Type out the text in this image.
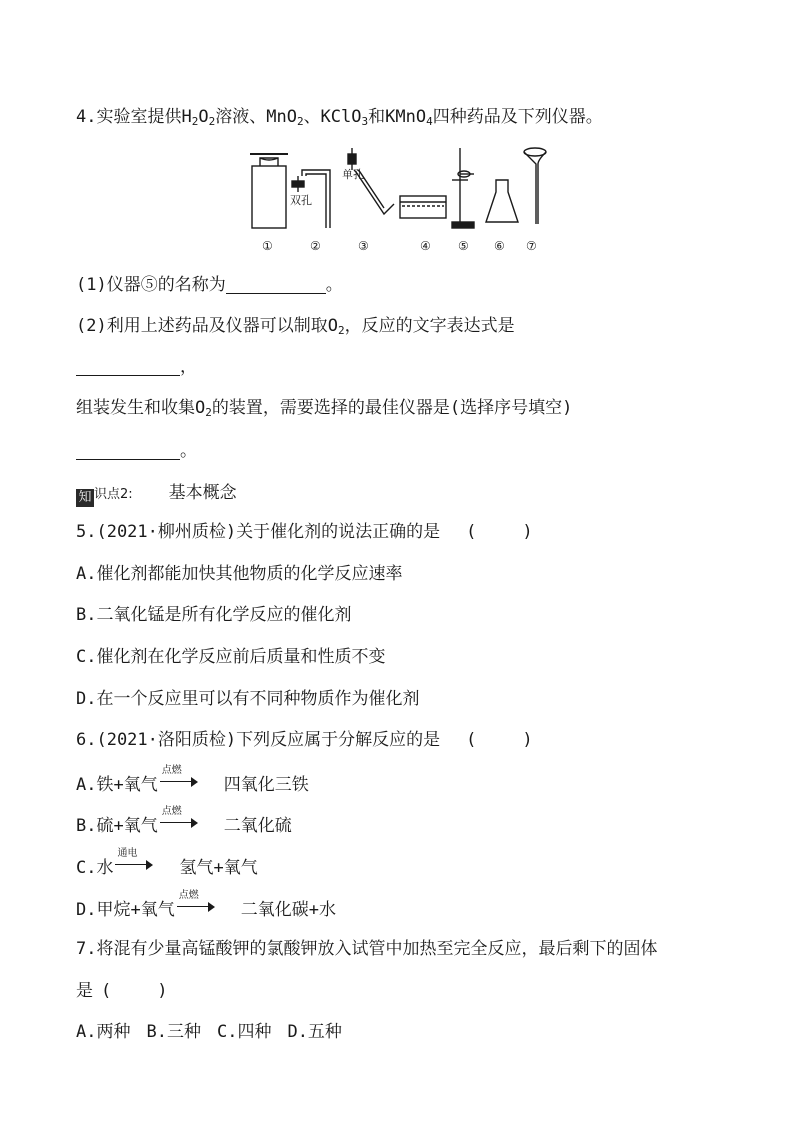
4.实验室提供$H_2O_2$溶液、MnO$_2$、KClO$_3$和KMnO$_4$四种药品及下列仪器。
双孔
单孔
①	②	③	④ ⑤ ⑥ ⑦
(1)仪器⑤的名称为	。
(2)利用上述药品及仪器可以制取$O_2$，反应的文字表达式是
，
组装发生和收集$O_2$的装置，需要选择的最佳仪器是(选择序号填空)
。
知 识点2: 基本概念
5.(2021·柳州质检)关于催化剂的说法正确的是 (	)
A.催化剂都能加快其他物质的化学反应速率
B.二氧化锰是所有化学反应的催化剂
C.催化剂在化学反应前后质量和性质不变
D.在一个反应里可以有不同种物质作为催化剂
6.(2021·洛阳质检)下列反应属于分解反应的是 (	)
A.铁+氧气
点燃
四氧化三铁
B.硫+氧气
点燃
二氧化硫
C.水
通电
氢气+氧气
D.甲烷+氧气
点燃
二氧化碳+水
7.将混有少量高锰酸钾的氯酸钾放入试管中加热至完全反应，最后剩下的固体
是 (	)
A.两种 B.三种 C.四种 D.五种
